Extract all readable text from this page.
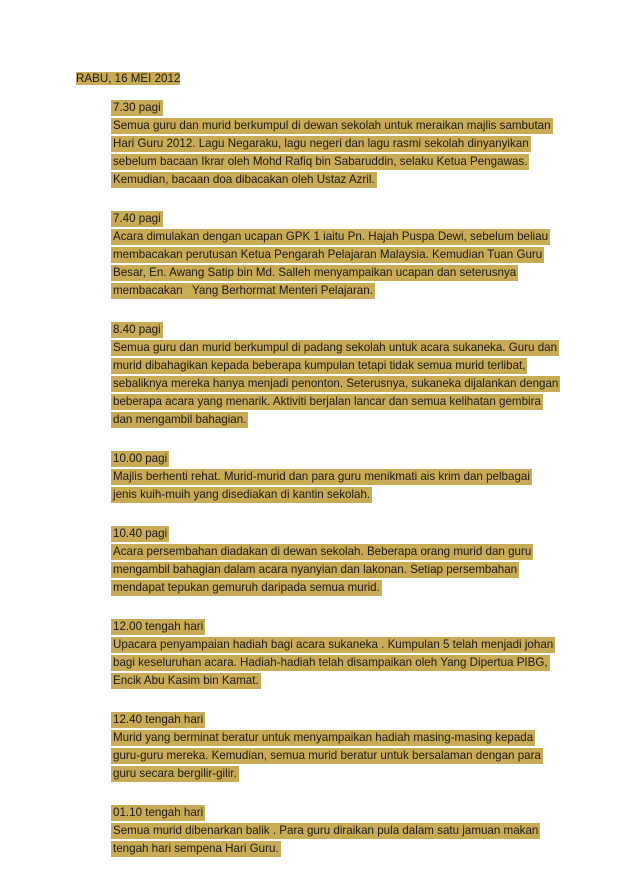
RABU, 16 MEI 2012
7.30 pagi
Semua guru dan murid berkumpul di dewan sekolah untuk meraikan majlis sambutan
Hari Guru 2012. Lagu Negaraku, lagu negeri dan lagu rasmi sekolah dinyanyikan
sebelum bacaan Ikrar oleh Mohd Rafiq bin Sabaruddin, selaku Ketua Pengawas.
Kemudian, bacaan doa dibacakan oleh Ustaz Azril.
7.40 pagi
Acara dimulakan dengan ucapan GPK 1 iaitu Pn. Hajah Puspa Dewi, sebelum beliau
membacakan perutusan Ketua Pengarah Pelajaran Malaysia. Kemudian Tuan Guru
Besar, En. Awang Satip bin Md. Salleh menyampaikan ucapan dan seterusnya
membacakan   Yang Berhormat Menteri Pelajaran.
8.40 pagi
Semua guru dan murid berkumpul di padang sekolah untuk acara sukaneka. Guru dan
murid dibahagikan kepada beberapa kumpulan tetapi tidak semua murid terlibat,
sebaliknya mereka hanya menjadi penonton. Seterusnya, sukaneka dijalankan dengan
beberapa acara yang menarik. Aktiviti berjalan lancar dan semua kelihatan gembira
dan mengambil bahagian.
10.00 pagi
Majlis berhenti rehat. Murid-murid dan para guru menikmati ais krim dan pelbagai
jenis kuih-muih yang disediakan di kantin sekolah.
10.40 pagi
Acara persembahan diadakan di dewan sekolah. Beberapa orang murid dan guru
mengambil bahagian dalam acara nyanyian dan lakonan. Setiap persembahan
mendapat tepukan gemuruh daripada semua murid.
12.00 tengah hari
Upacara penyampaian hadiah bagi acara sukaneka . Kumpulan 5 telah menjadi johan
bagi keseluruhan acara. Hadiah-hadiah telah disampaikan oleh Yang Dipertua PIBG,
Encik Abu Kasim bin Kamat.
12.40 tengah hari
Murid yang berminat beratur untuk menyampaikan hadiah masing-masing kepada
guru-guru mereka. Kemudian, semua murid beratur untuk bersalaman dengan para
guru secara bergilir-gilir.
01.10 tengah hari
Semua murid dibenarkan balik . Para guru diraikan pula dalam satu jamuan makan
tengah hari sempena Hari Guru.
